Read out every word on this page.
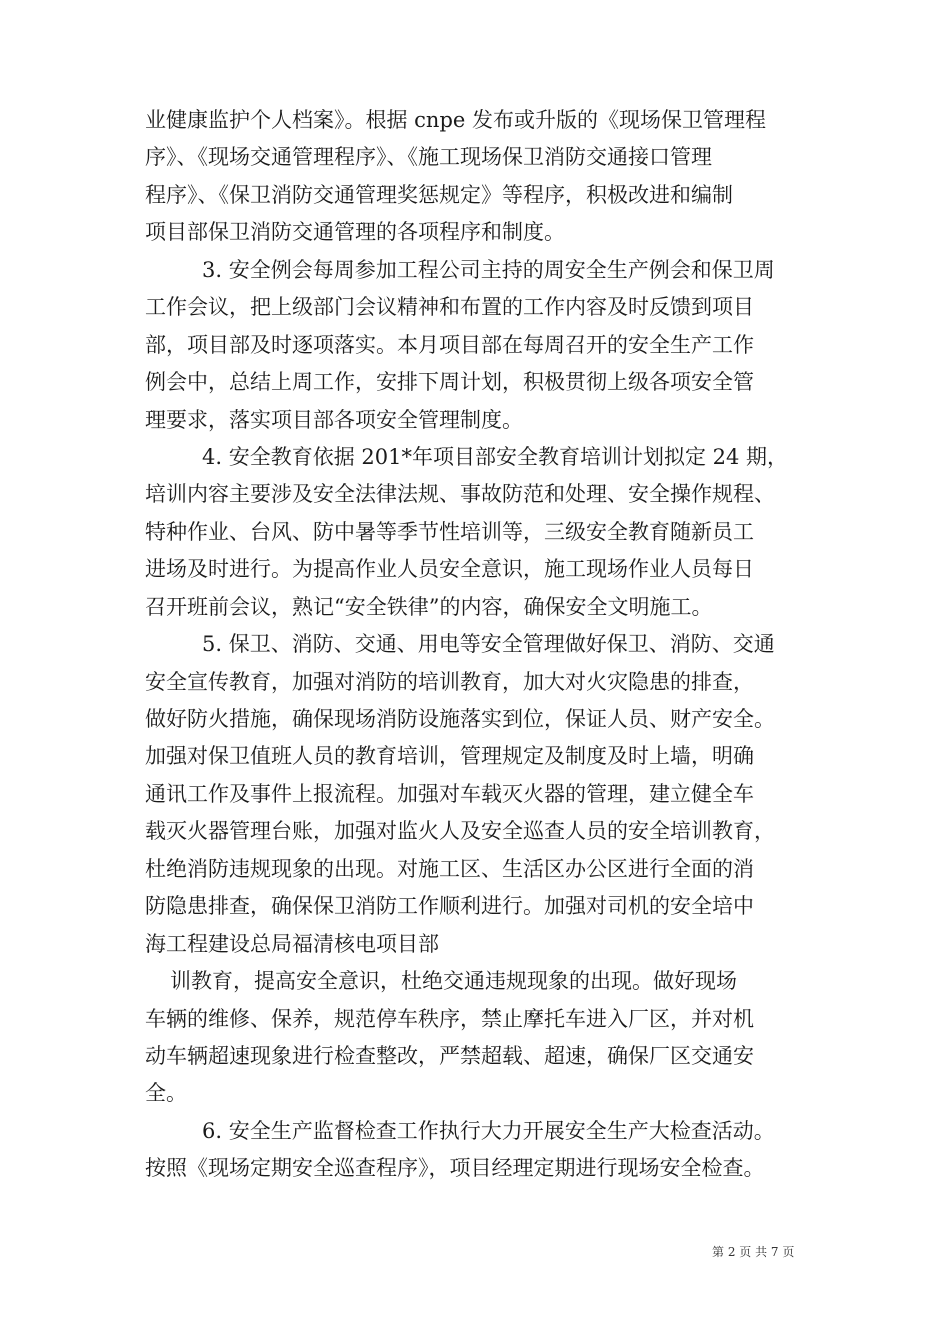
业健康监护个人档案》。根据 cnpe 发布或升版的《现场保卫管理程

序》、《现场交通管理程序》、《施工现场保卫消防交通接口管理

程序》、《保卫消防交通管理奖惩规定》等程序，积极改进和编制

项目部保卫消防交通管理的各项程序和制度。

3. 安全例会每周参加工程公司主持的周安全生产例会和保卫周

工作会议，把上级部门会议精神和布置的工作内容及时反馈到项目

部，项目部及时逐项落实。本月项目部在每周召开的安全生产工作

例会中，总结上周工作，安排下周计划，积极贯彻上级各项安全管

理要求，落实项目部各项安全管理制度。

4. 安全教育依据 201*年项目部安全教育培训计划拟定 24 期，

培训内容主要涉及安全法律法规、事故防范和处理、安全操作规程、

特种作业、台风、防中暑等季节性培训等，三级安全教育随新员工

进场及时进行。为提高作业人员安全意识，施工现场作业人员每日

召开班前会议，熟记“安全铁律”的内容，确保安全文明施工。

5. 保卫、消防、交通、用电等安全管理做好保卫、消防、交通

安全宣传教育，加强对消防的培训教育，加大对火灾隐患的排查，

做好防火措施，确保现场消防设施落实到位，保证人员、财产安全。

加强对保卫值班人员的教育培训，管理规定及制度及时上墙，明确

通讯工作及事件上报流程。加强对车载灭火器的管理，建立健全车

载灭火器管理台账，加强对监火人及安全巡查人员的安全培训教育，

杜绝消防违规现象的出现。对施工区、生活区办公区进行全面的消

防隐患排查，确保保卫消防工作顺利进行。加强对司机的安全培中

海工程建设总局福清核电项目部

训教育，提高安全意识，杜绝交通违规现象的出现。做好现场

车辆的维修、保养，规范停车秩序，禁止摩托车进入厂区，并对机

动车辆超速现象进行检查整改，严禁超载、超速，确保厂区交通安

全。

6. 安全生产监督检查工作执行大力开展安全生产大检查活动。

按照《现场定期安全巡查程序》，项目经理定期进行现场安全检查。

第 2 页 共 7 页
